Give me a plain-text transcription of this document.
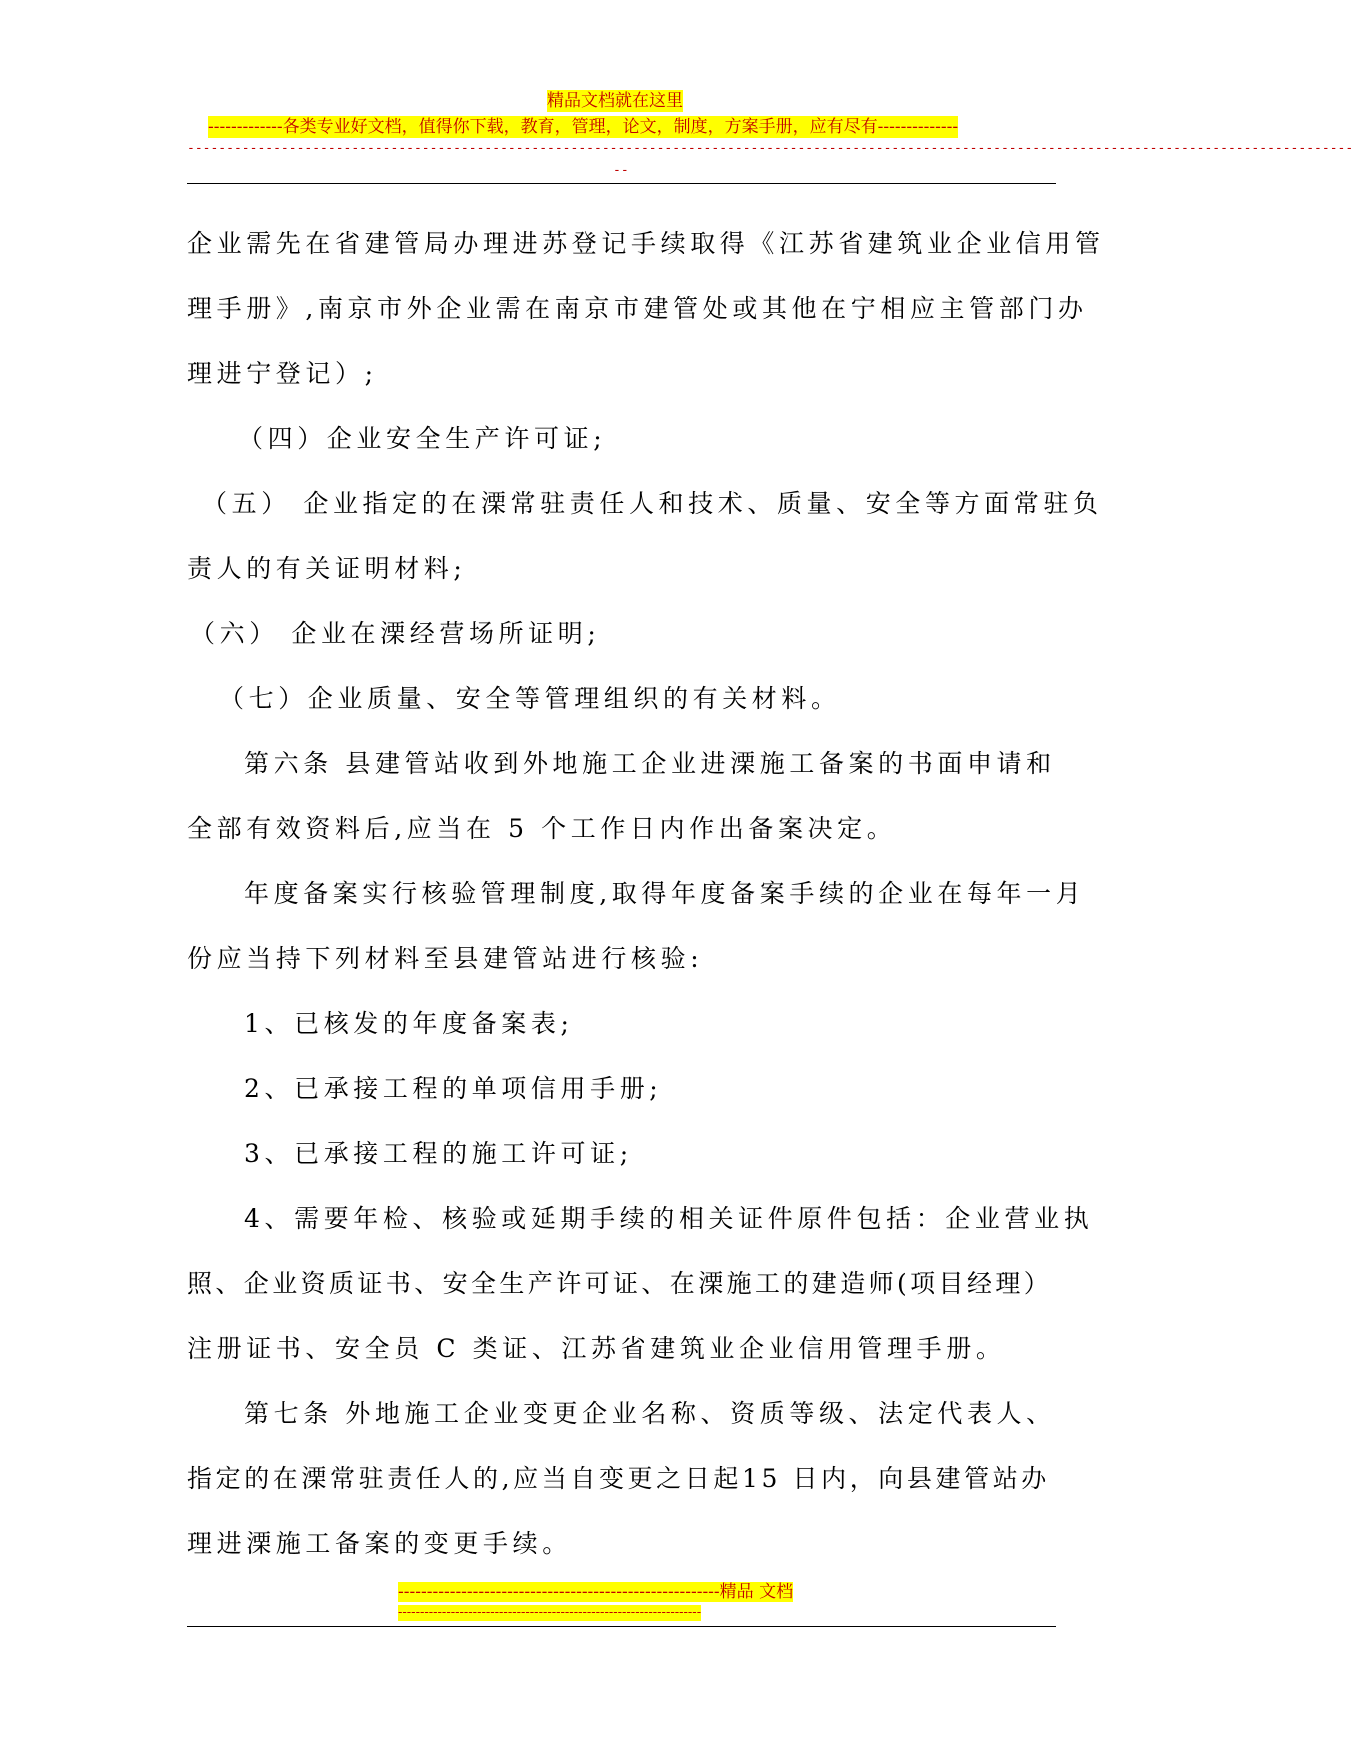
精品文档就在这里
-------------各类专业好文档，值得你下载，教育，管理，论文，制度，方案手册，应有尽有--------------
-----------------------------------------------------------------------------------------------------------------------------------------------------
--
企业需先在省建管局办理进苏登记手续取得《江苏省建筑业企业信用管
理手册》,南京市外企业需在南京市建管处或其他在宁相应主管部门办
理进宁登记）;
（四）企业安全生产许可证;
（五） 企业指定的在溧常驻责任人和技术、质量、安全等方面常驻负
责人的有关证明材料;
（六） 企业在溧经营场所证明;
（七）企业质量、安全等管理组织的有关材料。
第六条 县建管站收到外地施工企业进溧施工备案的书面申请和
全部有效资料后,应当在 5 个工作日内作出备案决定。
年度备案实行核验管理制度,取得年度备案手续的企业在每年一月
份应当持下列材料至县建管站进行核验:
1、已核发的年度备案表;
2、已承接工程的单项信用手册;
3、已承接工程的施工许可证;
4、需要年检、核验或延期手续的相关证件原件包括：企业营业执
照、企业资质证书、安全生产许可证、在溧施工的建造师(项目经理）
注册证书、安全员 C 类证、江苏省建筑业企业信用管理手册。
第七条 外地施工企业变更企业名称、资质等级、法定代表人、
指定的在溧常驻责任人的,应当自变更之日起15 日内，向县建管站办
理进溧施工备案的变更手续。
--------------------------------------------------------精品 文档
---------------------------------------------------------------------
